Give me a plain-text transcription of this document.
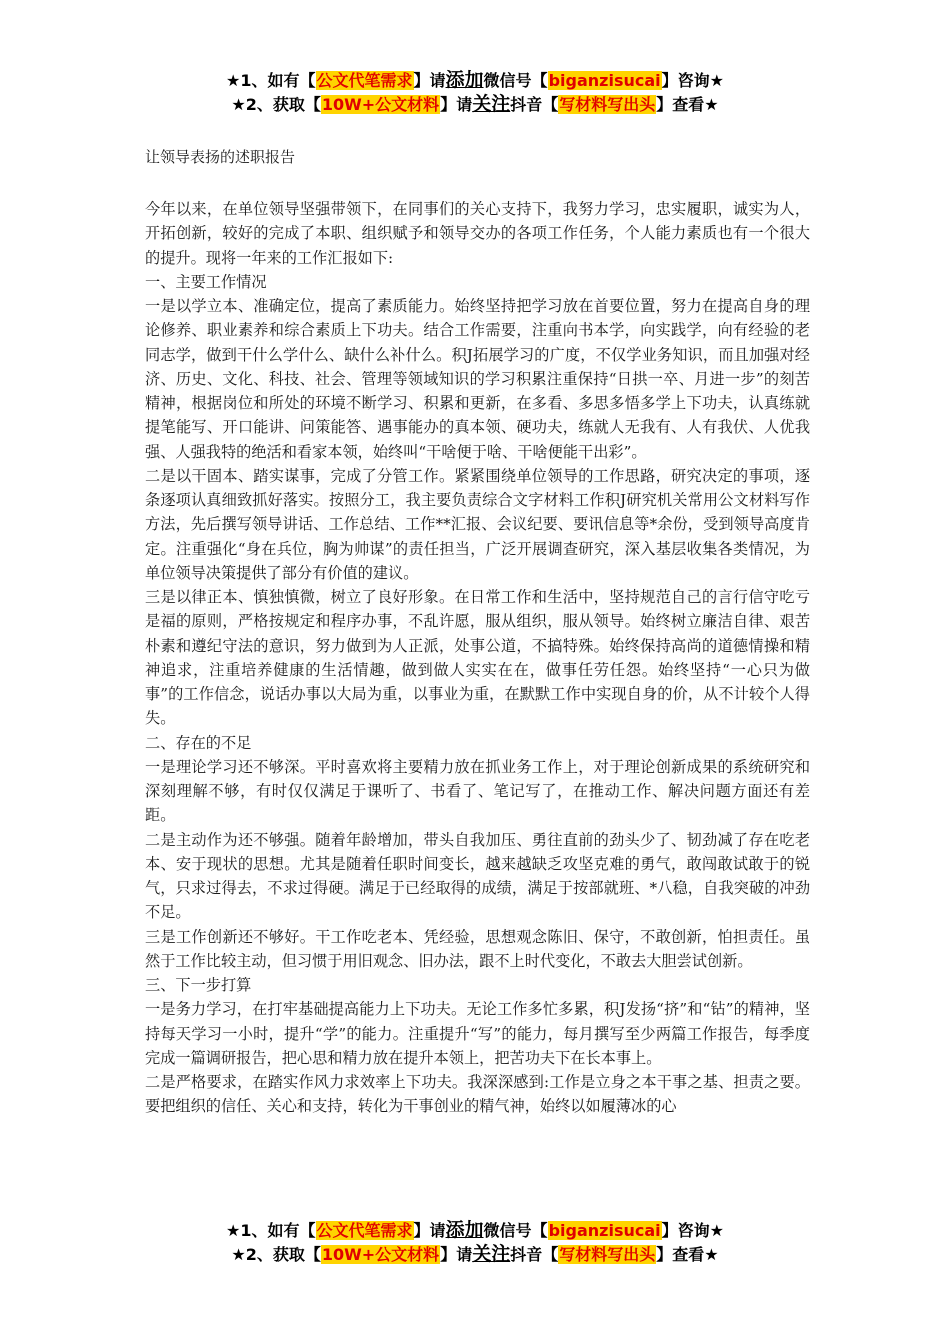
★1、如有【公文代笔需求】请添加微信号【biganzisucai】咨询★
★2、获取【10W+公文材料】请关注抖音【写材料写出头】查看★
让领导表扬的述职报告

今年以来，在单位领导坚强带领下，在同事们的关心支持下，我努力学习，忠实履职，诚实为人，开拓创新，较好的完成了本职、组织赋予和领导交办的各项工作任务，个人能力素质也有一个很大的提升。现将一年来的工作汇报如下:

一、主要工作情况

一是以学立本、准确定位，提高了素质能力。始终坚持把学习放在首要位置，努力在提高自身的理论修养、职业素养和综合素质上下功夫。结合工作需要，注重向书本学，向实践学，向有经验的老同志学，做到干什么学什么、缺什么补什么。积J拓展学习的广度，不仅学业务知识，而且加强对经济、历史、文化、科技、社会、管理等领域知识的学习积累注重保持“日拱一卒、月进一步”的刻苦精神，根据岗位和所处的环境不断学习、积累和更新，在多看、多思多悟多学上下功夫，认真练就提笔能写、开口能讲、问策能答、遇事能办的真本领、硬功夫，练就人无我有、人有我伏、人优我强、人强我特的绝活和看家本领，始终叫“干啥便于啥、干啥便能干出彩”。

二是以干固本、踏实谋事，完成了分管工作。紧紧围绕单位领导的工作思路，研究决定的事项，逐条逐项认真细致抓好落实。按照分工，我主要负责综合文字材料工作积J研究机关常用公文材料写作方法，先后撰写领导讲话、工作总结、工作**汇报、会议纪要、要讯信息等*余份，受到领导高度肯定。注重强化“身在兵位，胸为帅谋”的责任担当，广泛开展调查研究，深入基层收集各类情况，为单位领导决策提供了部分有价值的建议。

三是以律正本、慎独慎微，树立了良好形象。在日常工作和生活中，坚持规范自己的言行信守吃亏是福的原则，严格按规定和程序办事，不乱许愿，服从组织，服从领导。始终树立廉洁自律、艰苦朴素和遵纪守法的意识，努力做到为人正派，处事公道，不搞特殊。始终保持高尚的道德情操和精神追求，注重培养健康的生活情趣，做到做人实实在在，做事任劳任怨。始终坚持“一心只为做事”的工作信念，说话办事以大局为重，以事业为重，在默默工作中实现自身的价，从不计较个人得失。

二、存在的不足

一是理论学习还不够深。平时喜欢将主要精力放在抓业务工作上，对于理论创新成果的系统研究和深刻理解不够，有时仅仅满足于课听了、书看了、笔记写了，在推动工作、解决问题方面还有差距。

二是主动作为还不够强。随着年龄增加，带头自我加压、勇往直前的劲头少了、韧劲减了存在吃老本、安于现状的思想。尤其是随着任职时间变长，越来越缺乏攻坚克难的勇气，敢闯敢试敢于的锐气，只求过得去，不求过得硬。满足于已经取得的成绩，满足于按部就班、*八稳，自我突破的冲劲不足。

三是工作创新还不够好。干工作吃老本、凭经验，思想观念陈旧、保守，不敢创新，怕担责任。虽然于工作比较主动，但习惯于用旧观念、旧办法，跟不上时代变化，不敢去大胆尝试创新。

三、下一步打算

一是务力学习，在打牢基础提高能力上下功夫。无论工作多忙多累，积J发扬“挤”和“钻”的精神，坚持每天学习一小时，提升“学”的能力。注重提升“写”的能力，每月撰写至少两篇工作报告，每季度完成一篇调研报告，把心思和精力放在提升本领上，把苦功夫下在长本事上。

二是严格要求，在踏实作风力求效率上下功夫。我深深感到:工作是立身之本干事之基、担责之要。要把组织的信任、关心和支持，转化为干事创业的精气神，始终以如履薄冰的心

★1、如有【公文代笔需求】请添加微信号【biganzisucai】咨询★
★2、获取【10W+公文材料】请关注抖音【写材料写出头】查看★
